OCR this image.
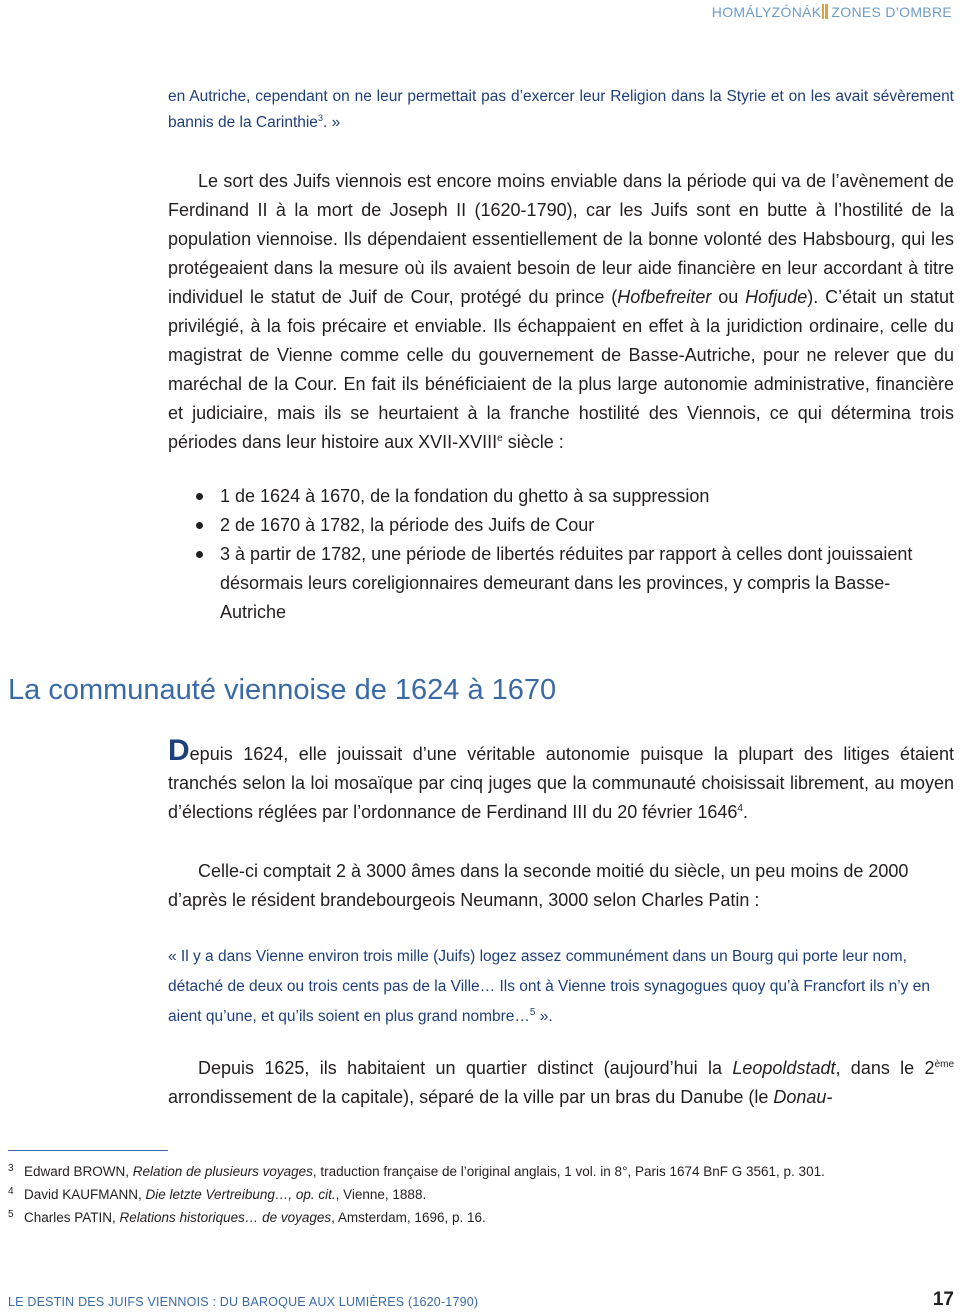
HOMÁLYZÓNÁK ZONES D’OMBRE
en Autriche, cependant on ne leur permettait pas d’exercer leur Religion dans la Styrie et on les avait sévèrement bannis de la Carinthie$^3$. »
Le sort des Juifs viennois est encore moins enviable dans la période qui va de l’avènement de Ferdinand II à la mort de Joseph II (1620-1790), car les Juifs sont en butte à l’hostilité de la population viennoise. Ils dépendaient essentiellement de la bonne volonté des Habsbourg, qui les protégeaient dans la mesure où ils avaient besoin de leur aide financière en leur accordant à titre individuel le statut de Juif de Cour, protégé du prince (Hofbefreiter ou Hofjude). C’était un statut privilégié, à la fois précaire et enviable. Ils échappaient en effet à la juridiction ordinaire, celle du magistrat de Vienne comme celle du gouvernement de Basse-Autriche, pour ne relever que du maréchal de la Cour. En fait ils bénéficiaient de la plus large autonomie administrative, financière et judiciaire, mais ils se heurtaient à la franche hostilité des Viennois, ce qui détermina trois périodes dans leur histoire aux XVII-XVIIIe siècle :
1 de 1624 à 1670, de la fondation du ghetto à sa suppression
2 de 1670 à 1782, la période des Juifs de Cour
3 à partir de 1782, une période de libertés réduites par rapport à celles dont jouissaient désormais leurs coreligionnaires demeurant dans les provinces, y compris la Basse-Autriche
La communauté viennoise de 1624 à 1670
Depuis 1624, elle jouissait d’une véritable autonomie puisque la plupart des litiges étaient tranchés selon la loi mosaïque par cinq juges que la communauté choisissait librement, au moyen d’élections réglées par l’ordonnance de Ferdinand III du 20 février 1646$^4$.
Celle-ci comptait 2 à 3000 âmes dans la seconde moitié du siècle, un peu moins de 2000 d’après le résident brandebourgeois Neumann, 3000 selon Charles Patin :
« Il y a dans Vienne environ trois mille (Juifs) logez assez communément dans un Bourg qui porte leur nom, détaché de deux ou trois cents pas de la Ville… Ils ont à Vienne trois synagogues quoy qu’à Francfort ils n’y en aient qu’une, et qu’ils soient en plus grand nombre…$^5$ ».
Depuis 1625, ils habitaient un quartier distinct (aujourd’hui la Leopoldstadt, dans le 2ème arrondissement de la capitale), séparé de la ville par un bras du Danube (le Donau-
3 Edward BROWN, Relation de plusieurs voyages, traduction française de l’original anglais, 1 vol. in 8°, Paris 1674 BnF G 3561, p. 301.
4 David KAUFMANN, Die letzte Vertreibung…, op. cit., Vienne, 1888.
5 Charles PATIN, Relations historiques… de voyages, Amsterdam, 1696, p. 16.
LE DESTIN DES JUIFS VIENNOIS : DU BAROQUE AUX LUMIÈRES (1620-1790)	17
